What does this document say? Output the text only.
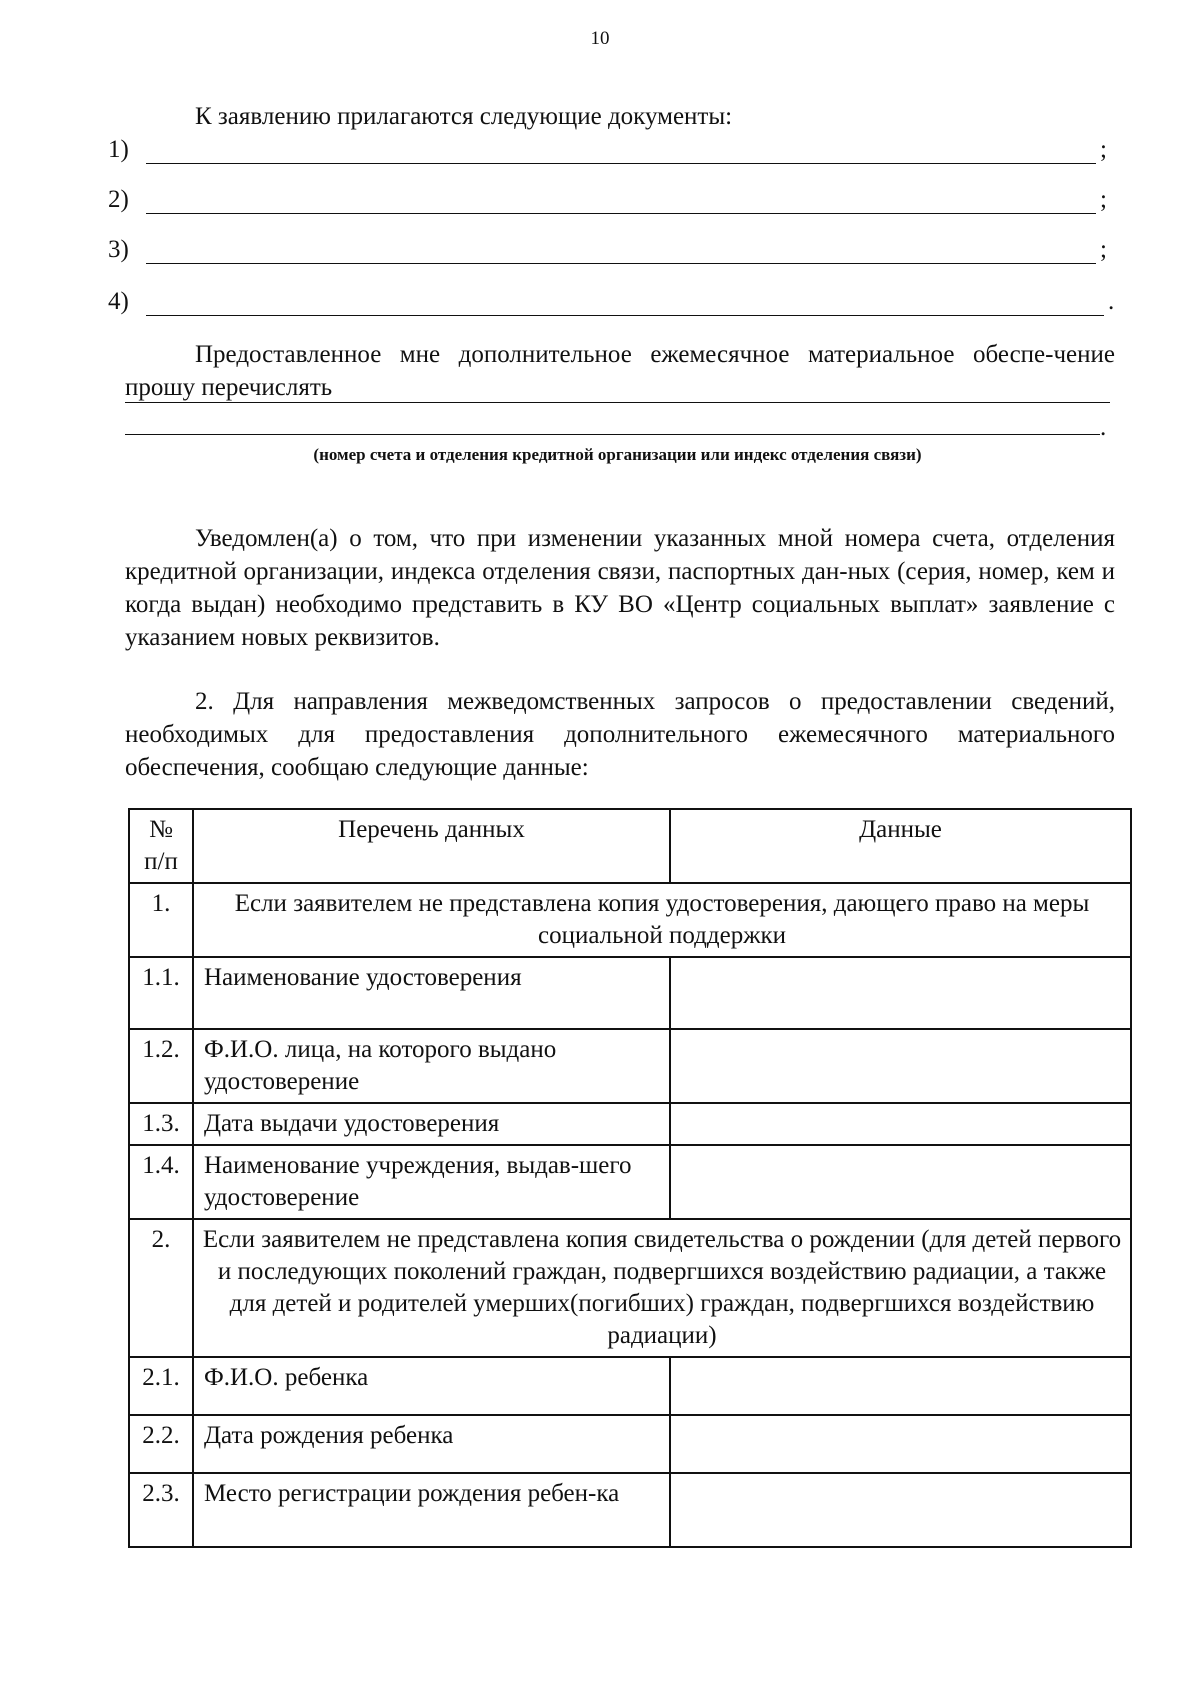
10
К заявлению прилагаются следующие документы:
1)	;
2)	;
3)	;
4)	.
Предоставленное мне дополнительное ежемесячное материальное обеспе-чение прошу перечислять
.
(номер счета и отделения кредитной организации или индекс отделения связи)
Уведомлен(а) о том, что при изменении указанных мной номера счета, отделения кредитной организации, индекса отделения связи, паспортных дан-ных (серия, номер, кем и когда выдан) необходимо представить в КУ ВО «Центр социальных выплат» заявление с указанием новых реквизитов.
2. Для направления межведомственных запросов о предоставлении сведений, необходимых для предоставления дополнительного ежемесячного материального обеспечения, сообщаю следующие данные:
№ п/п	Перечень данных	Данные
1.	Если заявителем не представлена копия удостоверения, дающего право на меры социальной поддержки	
1.1.	Наименование удостоверения	
1.2.	Ф.И.О. лица, на которого выдано удостоверение	
1.3.	Дата выдачи удостоверения	
1.4.	Наименование учреждения, выдав-шего удостоверение	
2.	Если заявителем не представлена копия свидетельства о рождении (для детей первого и последующих поколений граждан, подвергшихся воздействию радиации, а также для детей и родителей умерших(погибших) граждан, подвергшихся воздействию радиации)	
2.1.	Ф.И.О. ребенка	
2.2.	Дата рождения ребенка	
2.3.	Место регистрации рождения ребен-ка	
